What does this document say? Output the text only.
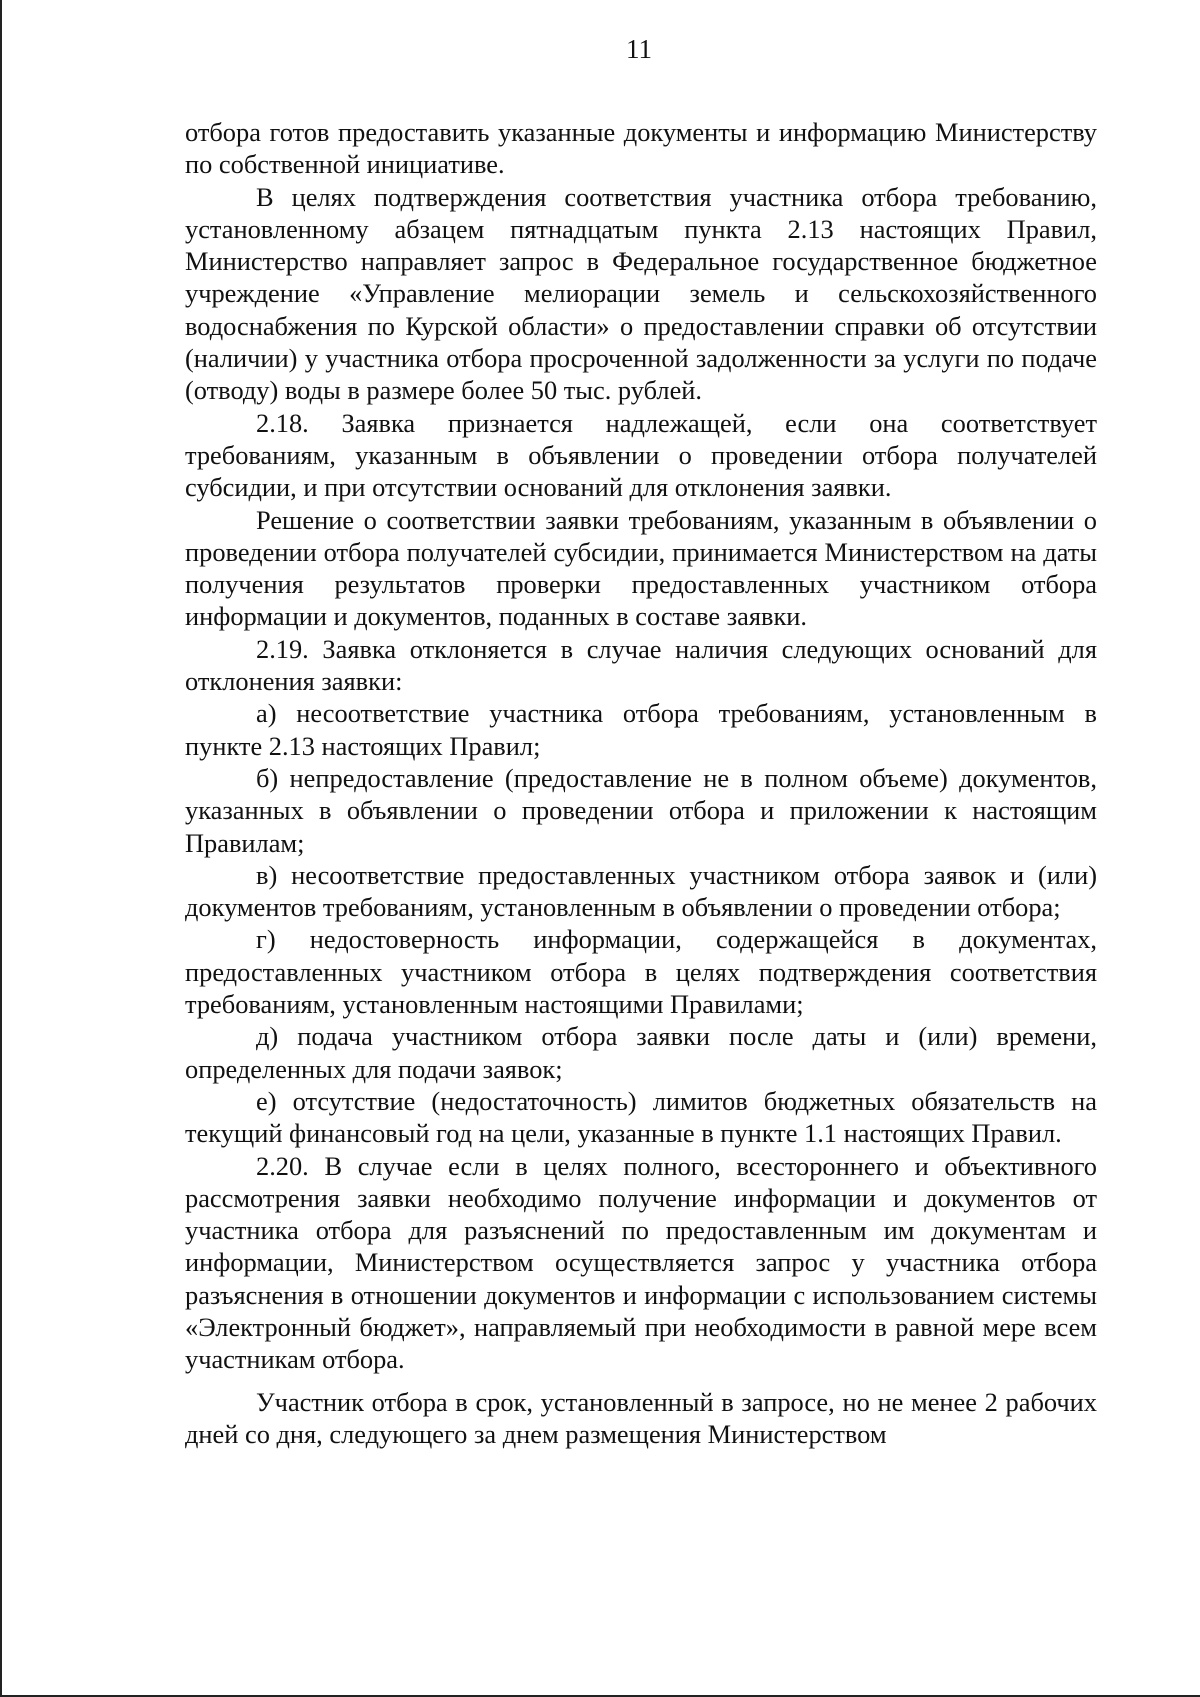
11

отбора готов предоставить указанные документы и информацию Министерству по собственной инициативе.

В целях подтверждения соответствия участника отбора требованию, установленному абзацем пятнадцатым пункта 2.13 настоящих Правил, Министерство направляет запрос в Федеральное государственное бюджетное учреждение «Управление мелиорации земель и сельскохозяйственного водоснабжения по Курской области» о предоставлении справки об отсутствии (наличии) у участника отбора просроченной задолженности за услуги по подаче (отводу) воды в размере более 50 тыс. рублей.

2.18. Заявка признается надлежащей, если она соответствует требованиям, указанным в объявлении о проведении отбора получателей субсидии, и при отсутствии оснований для отклонения заявки.

Решение о соответствии заявки требованиям, указанным в объявлении о проведении отбора получателей субсидии, принимается Министерством на даты получения результатов проверки предоставленных участником отбора информации и документов, поданных в составе заявки.

2.19. Заявка отклоняется в случае наличия следующих оснований для отклонения заявки:

а) несоответствие участника отбора требованиям, установленным в пункте 2.13 настоящих Правил;

б) непредоставление (предоставление не в полном объеме) документов, указанных в объявлении о проведении отбора и приложении к настоящим Правилам;

в) несоответствие предоставленных участником отбора заявок и (или) документов требованиям, установленным в объявлении о проведении отбора;

г) недостоверность информации, содержащейся в документах, предоставленных участником отбора в целях подтверждения соответствия требованиям, установленным настоящими Правилами;

д) подача участником отбора заявки после даты и (или) времени, определенных для подачи заявок;

е) отсутствие (недостаточность) лимитов бюджетных обязательств на текущий финансовый год на цели, указанные в пункте 1.1 настоящих Правил.

2.20. В случае если в целях полного, всестороннего и объективного рассмотрения заявки необходимо получение информации и документов от участника отбора для разъяснений по предоставленным им документам и информации, Министерством осуществляется запрос у участника отбора разъяснения в отношении документов и информации с использованием системы «Электронный бюджет», направляемый при необходимости в равной мере всем участникам отбора.

Участник отбора в срок, установленный в запросе, но не менее 2 рабочих дней со дня, следующего за днем размещения Министерством
